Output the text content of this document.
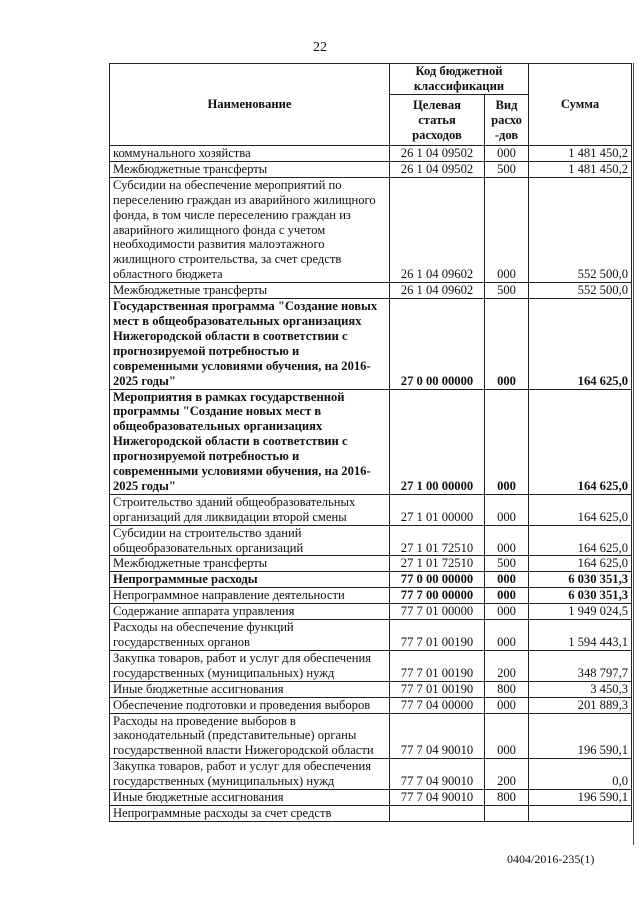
22
Наименование	Код бюджетной классификации		Сумма
	Целевая статья расходов	Вид расхо -дов	
коммунального хозяйства	26 1 04 09502	000	1 481 450,2
Межбюджетные трансферты	26 1 04 09502	500	1 481 450,2
Субсидии на обеспечение мероприятий по переселению граждан из аварийного жилищного фонда, в том числе переселению граждан из аварийного жилищного фонда с учетом необходимости развития малоэтажного жилищного строительства, за счет средств областного бюджета	26 1 04 09602	000	552 500,0
Межбюджетные трансферты	26 1 04 09602	500	552 500,0
Государственная программа "Создание новых мест в общеобразовательных организациях Нижегородской области в соответствии с прогнозируемой потребностью и современными условиями обучения, на 2016-2025 годы"	27 0 00 00000	000	164 625,0
Мероприятия в рамках государственной программы "Создание новых мест в общеобразовательных организациях Нижегородской области в соответствии с прогнозируемой потребностью и современными условиями обучения, на 2016-2025 годы"	27 1 00 00000	000	164 625,0
Строительство зданий общеобразовательных организаций для ликвидации второй смены	27 1 01 00000	000	164 625,0
Субсидии на строительство зданий общеобразовательных организаций	27 1 01 72510	000	164 625,0
Межбюджетные трансферты	27 1 01 72510	500	164 625,0
Непрограммные расходы	77 0 00 00000	000	6 030 351,3
Непрограммное направление деятельности	77 7 00 00000	000	6 030 351,3
Содержание аппарата управления	77 7 01 00000	000	1 949 024,5
Расходы на обеспечение функций государственных органов	77 7 01 00190	000	1 594 443,1
Закупка товаров, работ и услуг для обеспечения государственных (муниципальных) нужд	77 7 01 00190	200	348 797,7
Иные бюджетные ассигнования	77 7 01 00190	800	3 450,3
Обеспечение подготовки и проведения выборов	77 7 04 00000	000	201 889,3
Расходы на проведение выборов в законодательный (представительные) органы государственной власти Нижегородской области	77 7 04 90010	000	196 590,1
Закупка товаров, работ и услуг для обеспечения государственных (муниципальных) нужд	77 7 04 90010	200	0,0
Иные бюджетные ассигнования	77 7 04 90010	800	196 590,1
Непрограммные расходы за счет средств			
0404/2016-235(1)
